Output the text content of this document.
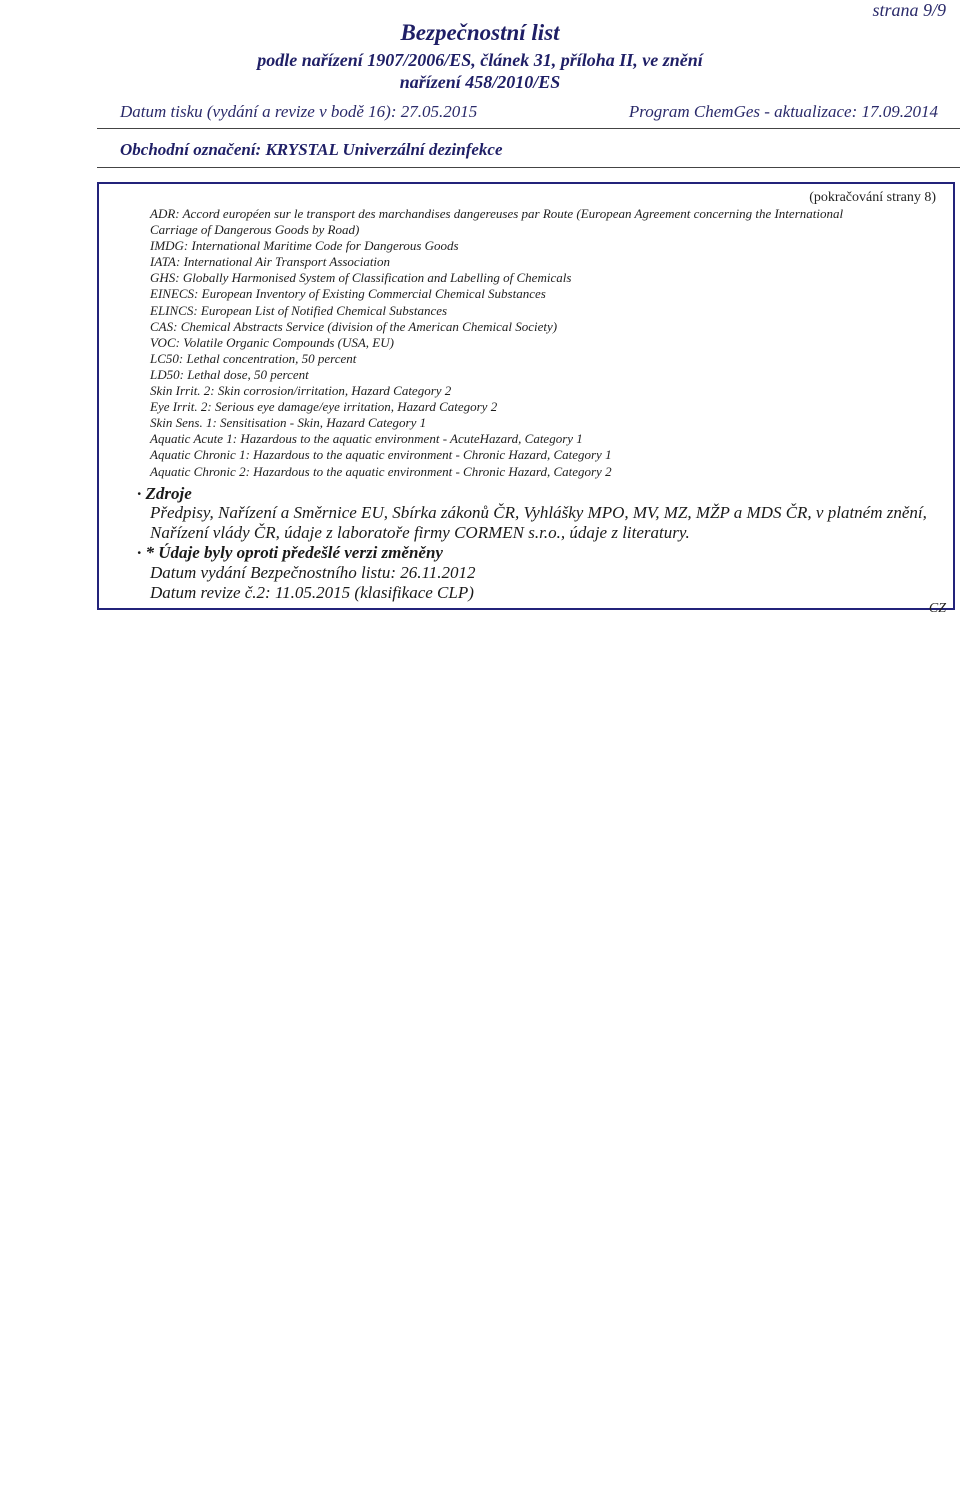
strana 9/9
Bezpečnostní list
podle nařízení 1907/2006/ES, článek 31, příloha II, ve znění
nařízení 458/2010/ES
Datum tisku (vydání a revize v bodě 16): 27.05.2015	Program ChemGes - aktualizace: 17.09.2014
Obchodní označení: KRYSTAL Univerzální dezinfekce
(pokračování strany 8)
ADR: Accord européen sur le transport des marchandises dangereuses par Route (European Agreement concerning the International
Carriage of Dangerous Goods by Road)
IMDG: International Maritime Code for Dangerous Goods
IATA: International Air Transport Association
GHS: Globally Harmonised System of Classification and Labelling of Chemicals
EINECS: European Inventory of Existing Commercial Chemical Substances
ELINCS: European List of Notified Chemical Substances
CAS: Chemical Abstracts Service (division of the American Chemical Society)
VOC: Volatile Organic Compounds (USA, EU)
LC50: Lethal concentration, 50 percent
LD50: Lethal dose, 50 percent
Skin Irrit. 2: Skin corrosion/irritation, Hazard Category 2
Eye Irrit. 2: Serious eye damage/eye irritation, Hazard Category 2
Skin Sens. 1: Sensitisation - Skin, Hazard Category 1
Aquatic Acute 1: Hazardous to the aquatic environment - AcuteHazard, Category 1
Aquatic Chronic 1: Hazardous to the aquatic environment - Chronic Hazard, Category 1
Aquatic Chronic 2: Hazardous to the aquatic environment - Chronic Hazard, Category 2
· Zdroje
Předpisy, Nařízení a Směrnice EU, Sbírka zákonů ČR, Vyhlášky MPO, MV, MZ, MŽP a MDS ČR, v platném znění, Nařízení vlády ČR, údaje z laboratoře firmy CORMEN s.r.o., údaje z literatury.
· * Údaje byly oproti předešlé verzi změněny
Datum vydání Bezpečnostního listu: 26.11.2012
Datum revize č.2: 11.05.2015 (klasifikace CLP)
CZ
